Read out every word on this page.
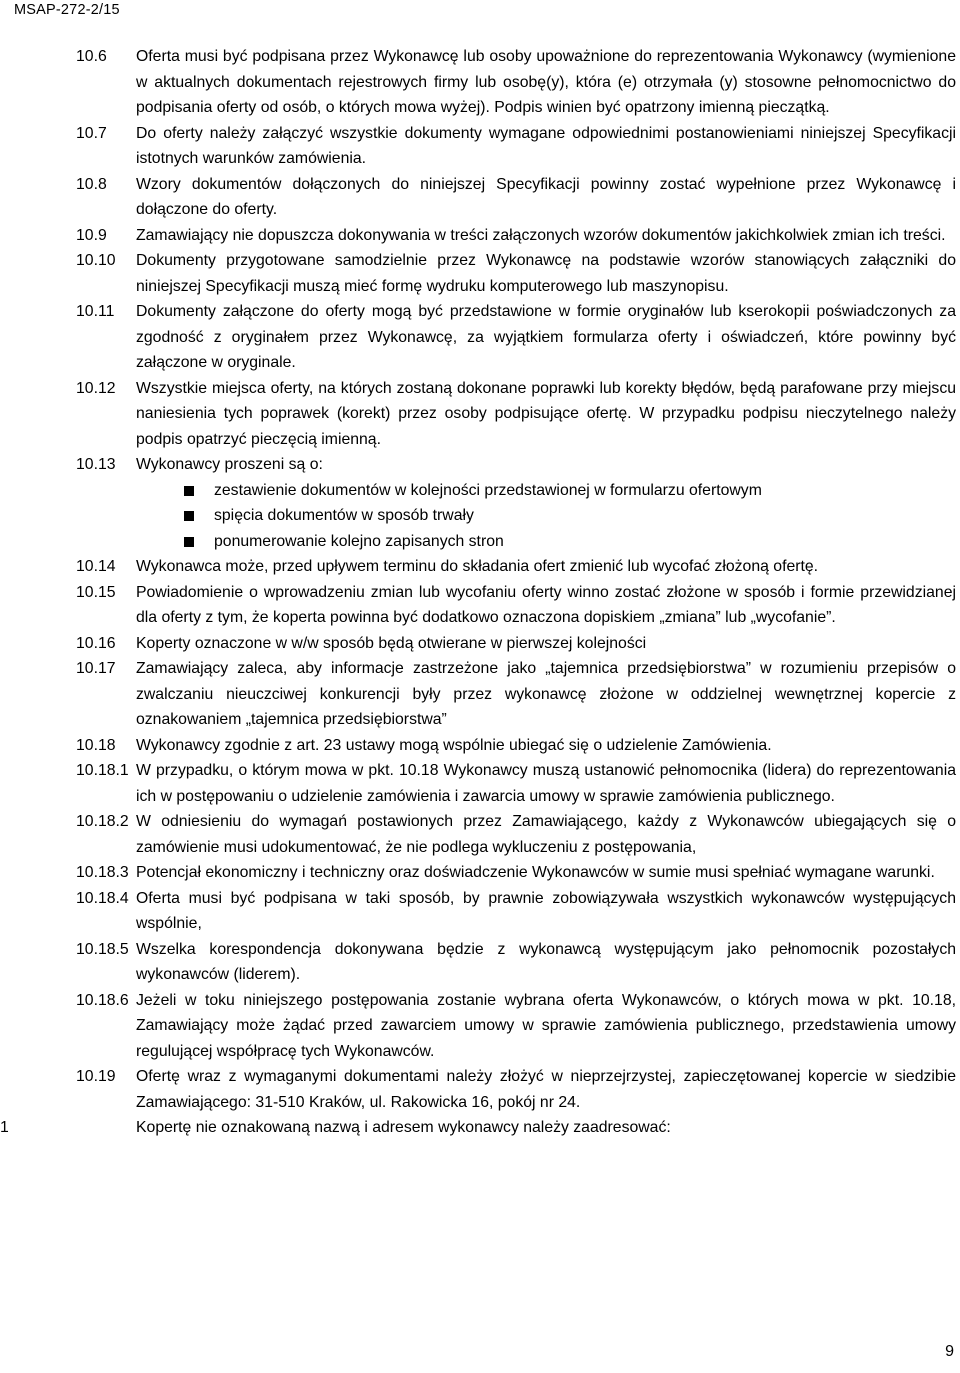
MSAP-272-2/15
10.6 Oferta musi być podpisana przez Wykonawcę lub osoby upoważnione do reprezentowania Wykonawcy (wymienione w aktualnych dokumentach rejestrowych firmy lub osobę(y), która (e) otrzymała (y) stosowne pełnomocnictwo do podpisania oferty od osób, o których mowa wyżej). Podpis winien być opatrzony imienną pieczątką.
10.7 Do oferty należy załączyć wszystkie dokumenty wymagane odpowiednimi postanowieniami niniejszej Specyfikacji istotnych warunków zamówienia.
10.8 Wzory dokumentów dołączonych do niniejszej Specyfikacji powinny zostać wypełnione przez Wykonawcę i dołączone do oferty.
10.9 Zamawiający nie dopuszcza dokonywania w treści załączonych wzorów dokumentów jakichkolwiek zmian ich treści.
10.10 Dokumenty przygotowane samodzielnie przez Wykonawcę na podstawie wzorów stanowiących załączniki do niniejszej Specyfikacji muszą mieć formę wydruku komputerowego lub maszynopisu.
10.11 Dokumenty załączone do oferty mogą być przedstawione w formie oryginałów lub kserokopii poświadczonych za zgodność z oryginałem przez Wykonawcę, za wyjątkiem formularza oferty i oświadczeń, które powinny być załączone w oryginale.
10.12 Wszystkie miejsca oferty, na których zostaną dokonane poprawki lub korekty błędów, będą parafowane przy miejscu naniesienia tych poprawek (korekt) przez osoby podpisujące ofertę. W przypadku podpisu nieczytelnego należy podpis opatrzyć pieczęcią imienną.
10.13 Wykonawcy proszeni są o:
zestawienie dokumentów w kolejności przedstawionej w formularzu ofertowym
spięcia dokumentów w sposób trwały
ponumerowanie kolejno zapisanych stron
10.14 Wykonawca może, przed upływem terminu do składania ofert zmienić lub wycofać złożoną ofertę.
10.15 Powiadomienie o wprowadzeniu zmian lub wycofaniu oferty winno zostać złożone w sposób i formie przewidzianej dla oferty z tym, że koperta powinna być dodatkowo oznaczona dopiskiem „zmiana” lub „wycofanie”.
10.16 Koperty oznaczone w w/w sposób będą otwierane w pierwszej kolejności
10.17 Zamawiający zaleca, aby informacje zastrzeżone jako „tajemnica przedsiębiorstwa” w rozumieniu przepisów o zwalczaniu nieuczciwej konkurencji były przez wykonawcę złożone w oddzielnej wewnętrznej kopercie z oznakowaniem „tajemnica przedsiębiorstwa”
10.18 Wykonawcy zgodnie z art. 23 ustawy mogą wspólnie ubiegać się o udzielenie Zamówienia.
10.18.1 W przypadku, o którym mowa w pkt. 10.18 Wykonawcy muszą ustanowić pełnomocnika (lidera) do reprezentowania ich w postępowaniu o udzielenie zamówienia i zawarcia umowy w sprawie zamówienia publicznego.
10.18.2 W odniesieniu do wymagań postawionych przez Zamawiającego, każdy z Wykonawców ubiegających się o zamówienie musi udokumentować, że nie podlega wykluczeniu z postępowania,
10.18.3 Potencjał ekonomiczny i techniczny oraz doświadczenie Wykonawców w sumie musi spełniać wymagane warunki.
10.18.4 Oferta musi być podpisana w taki sposób, by prawnie zobowiązywała wszystkich wykonawców występujących wspólnie,
10.18.5 Wszelka korespondencja dokonywana będzie z wykonawcą występującym jako pełnomocnik pozostałych wykonawców (liderem).
10.18.6 Jeżeli w toku niniejszego postępowania zostanie wybrana oferta Wykonawców, o których mowa w pkt. 10.18, Zamawiający może żądać przed zawarciem umowy w sprawie zamówienia publicznego, przedstawienia umowy regulującej współpracę tych Wykonawców.
10.19 Ofertę wraz z wymaganymi dokumentami należy złożyć w nieprzejrzystej, zapieczętowanej kopercie w siedzibie Zamawiającego: 31-510 Kraków, ul. Rakowicka 16, pokój nr 24.
1	Kopertę nie oznakowaną nazwą i adresem wykonawcy należy zaadresować:
9
